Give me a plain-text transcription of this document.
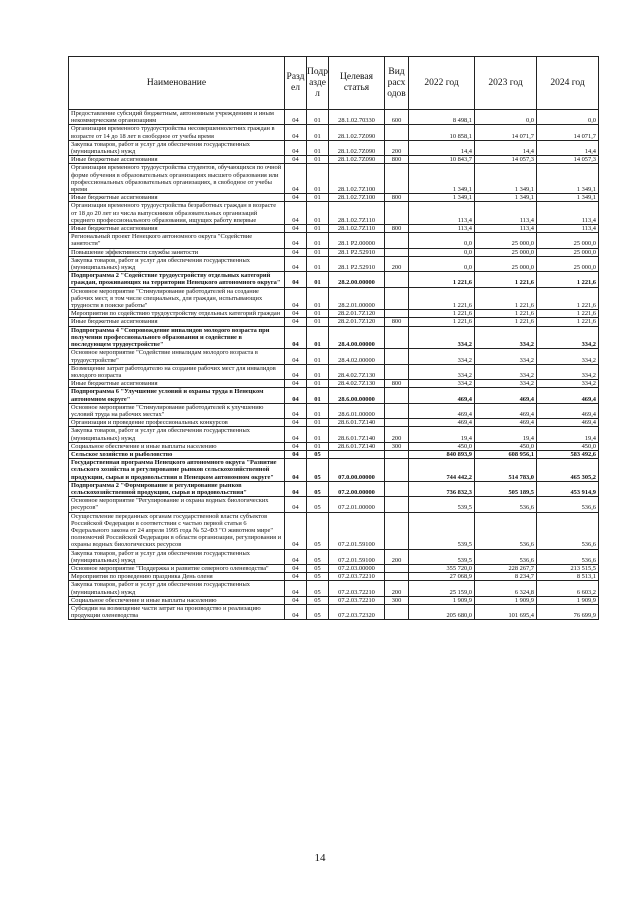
Наименование	Разд ел	Подр азде л	Целевая статья	Вид расх одов	2022 год	2023 год	2024 год
Предоставление субсидий бюджетным, автономным учреждениям и иным некоммерческим организациям	04	01	28.1.02.70330	600	8 498,1	0,0	0,0
Организация временного трудоустройства несовершеннолетних граждан в возрасте от 14 до 18 лет в свободное от учебы время	04	01	28.1.02.7Z090		10 858,1	14 071,7	14 071,7
Закупка товаров, работ и услуг для обеспечения государственных (муниципальных) нужд	04	01	28.1.02.7Z090	200	14,4	14,4	14,4
Иные бюджетные ассигнования	04	01	28.1.02.7Z090	800	10 843,7	14 057,3	14 057,3
Организация временного трудоустройства студентов, обучающихся по очной форме обучения в образовательных организациях высшего образования или профессиональных образовательных организациях, в свободное от учебы время	04	01	28.1.02.7Z100		1 349,1	1 349,1	1 349,1
Иные бюджетные ассигнования	04	01	28.1.02.7Z100	800	1 349,1	1 349,1	1 349,1
Организация временного трудоустройства безработных граждан в возрасте от 18 до 20 лет из числа выпускников образовательных организаций среднего профессионального образования, ищущих работу впервые	04	01	28.1.02.7Z110		113,4	113,4	113,4
Иные бюджетные ассигнования	04	01	28.1.02.7Z110	800	113,4	113,4	113,4
Региональный проект Ненецкого автономного округа "Содействие занятости"	04	01	28.1 P2.00000		0,0	25 000,0	25 000,0
Повышение эффективности службы занятости	04	01	28.1 P2.52910		0,0	25 000,0	25 000,0
Закупка товаров, работ и услуг для обеспечения государственных (муниципальных) нужд	04	01	28.1 P2.52910	200	0,0	25 000,0	25 000,0
Подпрограмма 2 "Содействие трудоустройству отдельных категорий граждан, проживающих на территории Ненецкого автономного округа"	04	01	28.2.00.00000		1 221,6	1 221,6	1 221,6
Основное мероприятие "Стимулирование работодателей на создание рабочих мест, в том числе специальных, для граждан, испытывающих трудности в поиске работы"	04	01	28.2.01.00000		1 221,6	1 221,6	1 221,6
Мероприятия по содействию трудоустройству отдельных категорий граждан	04	01	28.2.01.7Z120		1 221,6	1 221,6	1 221,6
Иные бюджетные ассигнования	04	01	28.2.01.7Z120	800	1 221,6	1 221,6	1 221,6
Подпрограмма 4 "Сопровождение инвалидов молодого возраста при получении профессионального образования и содействие в последующем трудоустройстве"	04	01	28.4.00.00000		334,2	334,2	334,2
Основное мероприятие "Содействие инвалидам молодого возраста в трудоустройстве"	04	01	28.4.02.00000		334,2	334,2	334,2
Возмещение затрат работодателю на создание рабочих мест для инвалидов молодого возраста	04	01	28.4.02.7Z130		334,2	334,2	334,2
Иные бюджетные ассигнования	04	01	28.4.02.7Z130	800	334,2	334,2	334,2
Подпрограмма 6 "Улучшение условий и охраны труда в Ненецком автономном округе"	04	01	28.6.00.00000		469,4	469,4	469,4
Основное мероприятие "Стимулирование работодателей к улучшению условий труда на рабочих местах"	04	01	28.6.01.00000		469,4	469,4	469,4
Организация и проведение профессиональных конкурсов	04	01	28.6.01.7Z140		469,4	469,4	469,4
Закупка товаров, работ и услуг для обеспечения государственных (муниципальных) нужд	04	01	28.6.01.7Z140	200	19,4	19,4	19,4
Социальное обеспечение и иные выплаты населению	04	01	28.6.01.7Z140	300	450,0	450,0	450,0
Сельское хозяйство и рыболовство	04	05			840 893,9	608 956,1	583 492,6
Государственная программа Ненецкого автономного округа "Развитие сельского хозяйства и регулирование рынков сельскохозяйственной продукции, сырья и продовольствия в Ненецком автономном округе"	04	05	07.0.00.00000		744 442,2	514 783,0	465 305,2
Подпрограмма 2 "Формирование и регулирование рынков сельскохозяйственной продукции, сырья и продовольствия"	04	05	07.2.00.00000		736 832,3	505 189,5	453 914,9
Основное мероприятие "Регулирование и охрана водных биологических ресурсов"	04	05	07.2.01.00000		539,5	536,6	536,6
Осуществление переданных органам государственной власти субъектов Российской Федерации в соответствии с частью первой статьи 6 Федерального закона от 24 апреля 1995 года № 52-ФЗ "О животном мире" полномочий Российской Федерации в области организации, регулирования и охраны водных биологических ресурсов	04	05	07.2.01.59100		539,5	536,6	536,6
Закупка товаров, работ и услуг для обеспечения государственных (муниципальных) нужд	04	05	07.2.01.59100	200	539,5	536,6	536,6
Основное мероприятие "Поддержка и развитие северного оленеводства"	04	05	07.2.03.00000		355 720,0	228 267,7	213 515,5
Мероприятия по проведению праздника День оленя	04	05	07.2.03.72210		27 068,9	8 234,7	8 513,1
Закупка товаров, работ и услуг для обеспечения государственных (муниципальных) нужд	04	05	07.2.03.72210	200	25 159,0	6 324,8	6 603,2
Социальное обеспечение и иные выплаты населению	04	05	07.2.03.72210	300	1 909,9	1 909,9	1 909,9
Субсидии на возмещение части затрат на производство и реализацию продукции оленеводства	04	05	07.2.03.72320		205 680,0	101 695,4	76 699,9
14
